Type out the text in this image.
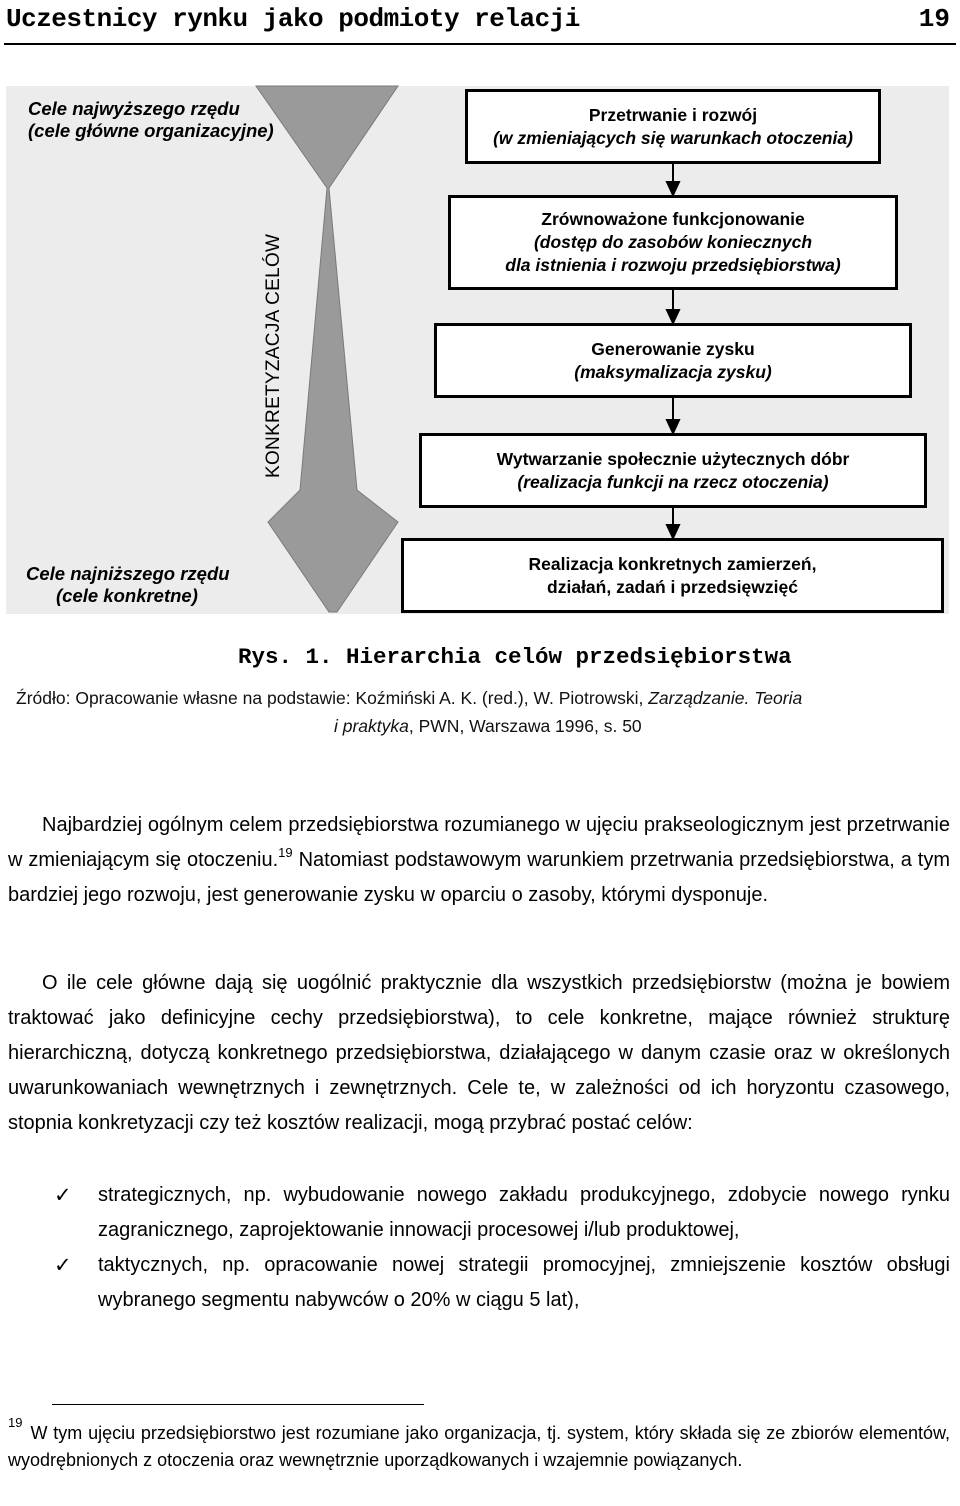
Uczestnicy rynku jako podmioty relacji	19
Cele najwyższego rzędu
(cele główne organizacyjne)
Cele najniższego rzędu
(cele konkretne)
KONKRETYZACJA CELÓW
Przetrwanie i rozwój
(w zmieniających się warunkach otoczenia)
Zrównoważone funkcjonowanie
(dostęp do zasobów koniecznych
dla istnienia i rozwoju przedsiębiorstwa)
Generowanie zysku
(maksymalizacja zysku)
Wytwarzanie społecznie użytecznych dóbr
(realizacja funkcji na rzecz otoczenia)
Realizacja konkretnych zamierzeń,
działań, zadań i przedsięwzięć
Rys. 1. Hierarchia celów przedsiębiorstwa
Źródło: Opracowanie własne na podstawie: Koźmiński A. K. (red.), W. Piotrowski, Zarządzanie. Teoria
i praktyka, PWN, Warszawa 1996, s. 50
Najbardziej ogólnym celem przedsiębiorstwa rozumianego w ujęciu prakseologicznym jest przetrwanie w zmieniającym się otoczeniu.$^{19}$ Natomiast podstawowym warunkiem przetrwania przedsiębiorstwa, a tym bardziej jego rozwoju, jest generowanie zysku w oparciu o zasoby, którymi dysponuje.
O ile cele główne dają się uogólnić praktycznie dla wszystkich przedsiębiorstw (można je bowiem traktować jako definicyjne cechy przedsiębiorstwa), to cele konkretne, mające również strukturę hierarchiczną, dotyczą konkretnego przedsiębiorstwa, działającego w danym czasie oraz w określonych uwarunkowaniach wewnętrznych i zewnętrznych. Cele te, w zależności od ich horyzontu czasowego, stopnia konkretyzacji czy też kosztów realizacji, mogą przybrać postać celów:
✓ strategicznych, np. wybudowanie nowego zakładu produkcyjnego, zdobycie nowego rynku zagranicznego, zaprojektowanie innowacji procesowej i/lub produktowej,
✓ taktycznych, np. opracowanie nowej strategii promocyjnej, zmniejszenie kosztów obsługi wybranego segmentu nabywców o 20% w ciągu 5 lat),
$^{19}$W tym ujęciu przedsiębiorstwo jest rozumiane jako organizacja, tj. system, który składa się ze zbiorów elementów, wyodrębnionych z otoczenia oraz wewnętrznie uporządkowanych i wzajemnie powiązanych.
